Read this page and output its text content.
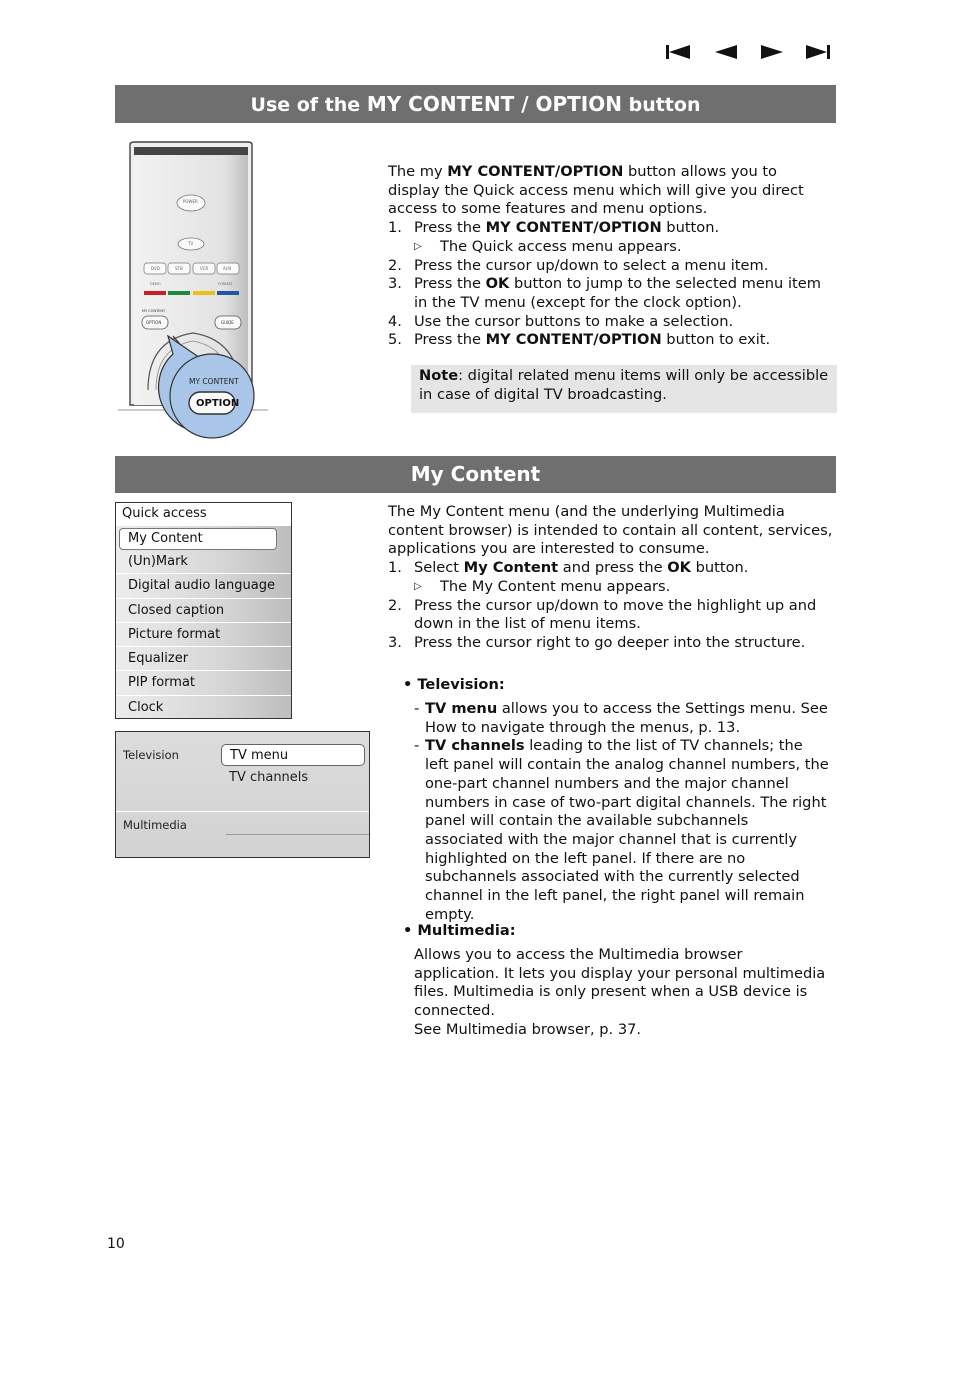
Use of the MY CONTENT / OPTION button
POWER
TV
DVD	STB	VCR	AUX
DEMO	FORMAT
MY CONTENT
OPTION	GUIDE
MY CONTENT
OPTION

The my MY CONTENT/OPTION button allows you to display the Quick access menu which will give you direct access to some features and menu options.

1. Press the MY CONTENT/OPTION button.
▷ The Quick access menu appears.
2. Press the cursor up/down to select a menu item.
3. Press the OK button to jump to the selected menu item in the TV menu (except for the clock option).
4. Use the cursor buttons to make a selection.
5. Press the MY CONTENT/OPTION button to exit.
Note: digital related menu items will only be accessible in case of digital TV broadcasting.
My Content
Quick access
My Content
(Un)Mark
Digital audio language
Closed caption
Picture format
Equalizer
PIP format
Clock
Television
Multimedia
TV menu
TV channels

The My Content menu (and the underlying Multimedia content browser) is intended to contain all content, services, applications you are interested to consume.

1. Select My Content and press the OK button.
▷ The My Content menu appears.
2. Press the cursor up/down to move the highlight up and down in the list of menu items.
3. Press the cursor right to go deeper into the structure.

• Television:

- TV menu allows you to access the Settings menu. See How to navigate through the menus, p. 13.

- TV channels leading to the list of TV channels; the left panel will contain the analog channel numbers, the one-part channel numbers and the major channel numbers in case of two-part digital channels. The right panel will contain the available subchannels associated with the major channel that is currently highlighted on the left panel. If there are no subchannels associated with the currently selected channel in the left panel, the right panel will remain empty.

• Multimedia:

Allows you to access the Multimedia browser application. It lets you display your personal multimedia files. Multimedia is only present when a USB device is connected.

See Multimedia browser, p. 37.

10
